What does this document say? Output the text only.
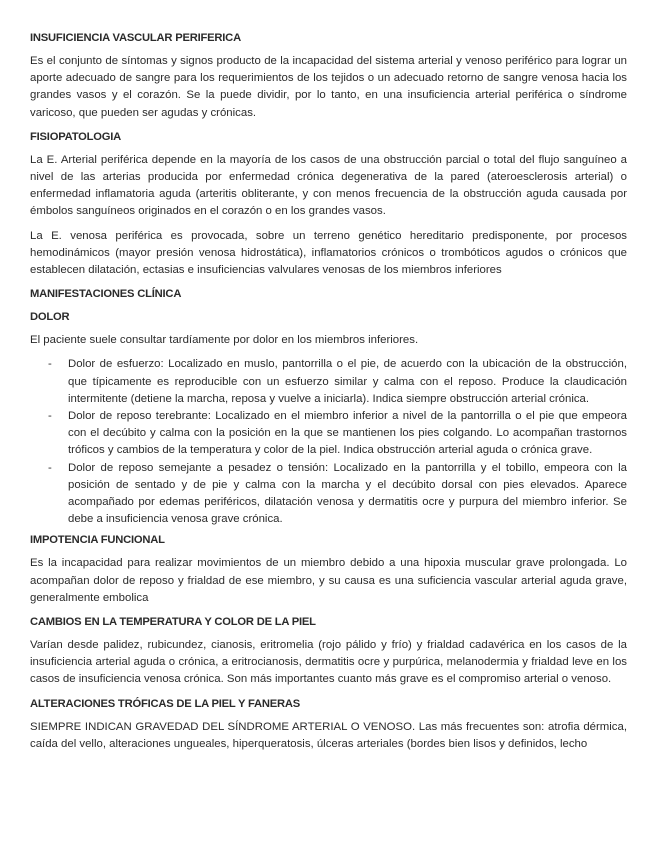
INSUFICIENCIA VASCULAR PERIFERICA

Es el conjunto de síntomas y signos producto de la incapacidad del sistema arterial y venoso periférico para lograr un aporte adecuado de sangre para los requerimientos de los tejidos o un adecuado retorno de sangre venosa hacia los grandes vasos y el corazón. Se la puede dividir, por lo tanto, en una insuficiencia arterial periférica o síndrome varicoso, que pueden ser agudas y crónicas.

FISIOPATOLOGIA

La E. Arterial periférica depende en la mayoría de los casos de una obstrucción parcial o total del flujo sanguíneo a nivel de las arterias producida por enfermedad crónica degenerativa de la pared (ateroesclerosis arterial) o enfermedad inflamatoria aguda (arteritis obliterante, y con menos frecuencia de la obstrucción aguda causada por émbolos sanguíneos originados en el corazón o en los grandes vasos.

La E. venosa periférica es provocada, sobre un terreno genético hereditario predisponente, por procesos hemodinámicos (mayor presión venosa hidrostática), inflamatorios crónicos o trombóticos agudos o crónicos que establecen dilatación, ectasias e insuficiencias valvulares venosas de los miembros inferiores

MANIFESTACIONES CLÍNICA
DOLOR

El paciente suele consultar tardíamente por dolor en los miembros inferiores.

- Dolor de esfuerzo: Localizado en muslo, pantorrilla o el pie, de acuerdo con la ubicación de la obstrucción, que típicamente es reproducible con un esfuerzo similar y calma con el reposo. Produce la claudicación intermitente (detiene la marcha, reposa y vuelve a iniciarla). Indica siempre obstrucción arterial crónica.
- Dolor de reposo terebrante: Localizado en el miembro inferior a nivel de la pantorrilla o el pie que empeora con el decúbito y calma con la posición en la que se mantienen los pies colgando. Lo acompañan trastornos tróficos y cambios de la temperatura y color de la piel. Indica obstrucción arterial aguda o crónica grave.
- Dolor de reposo semejante a pesadez o tensión: Localizado en la pantorrilla y el tobillo, empeora con la posición de sentado y de pie y calma con la marcha y el decúbito dorsal con pies elevados. Aparece acompañado por edemas periféricos, dilatación venosa y dermatitis ocre y purpura del miembro inferior. Se debe a insuficiencia venosa grave crónica.
IMPOTENCIA FUNCIONAL

Es la incapacidad para realizar movimientos de un miembro debido a una hipoxia muscular grave prolongada. Lo acompañan dolor de reposo y frialdad de ese miembro, y su causa es una suficiencia vascular arterial aguda grave, generalmente embolica

CAMBIOS EN LA TEMPERATURA Y COLOR DE LA PIEL

Varían desde palidez, rubicundez, cianosis, eritromelia (rojo pálido y frío) y frialdad cadavérica en los casos de la insuficiencia arterial aguda o crónica, a eritrocianosis, dermatitis ocre y purpúrica, melanodermia y frialdad leve en los casos de insuficiencia venosa crónica. Son más importantes cuanto más grave es el compromiso arterial o venoso.

ALTERACIONES TRÓFICAS DE LA PIEL Y FANERAS

SIEMPRE INDICAN GRAVEDAD DEL SÍNDROME ARTERIAL O VENOSO. Las más frecuentes son: atrofia dérmica, caída del vello, alteraciones ungueales, hiperqueratosis, úlceras arteriales (bordes bien lisos y definidos, lecho
